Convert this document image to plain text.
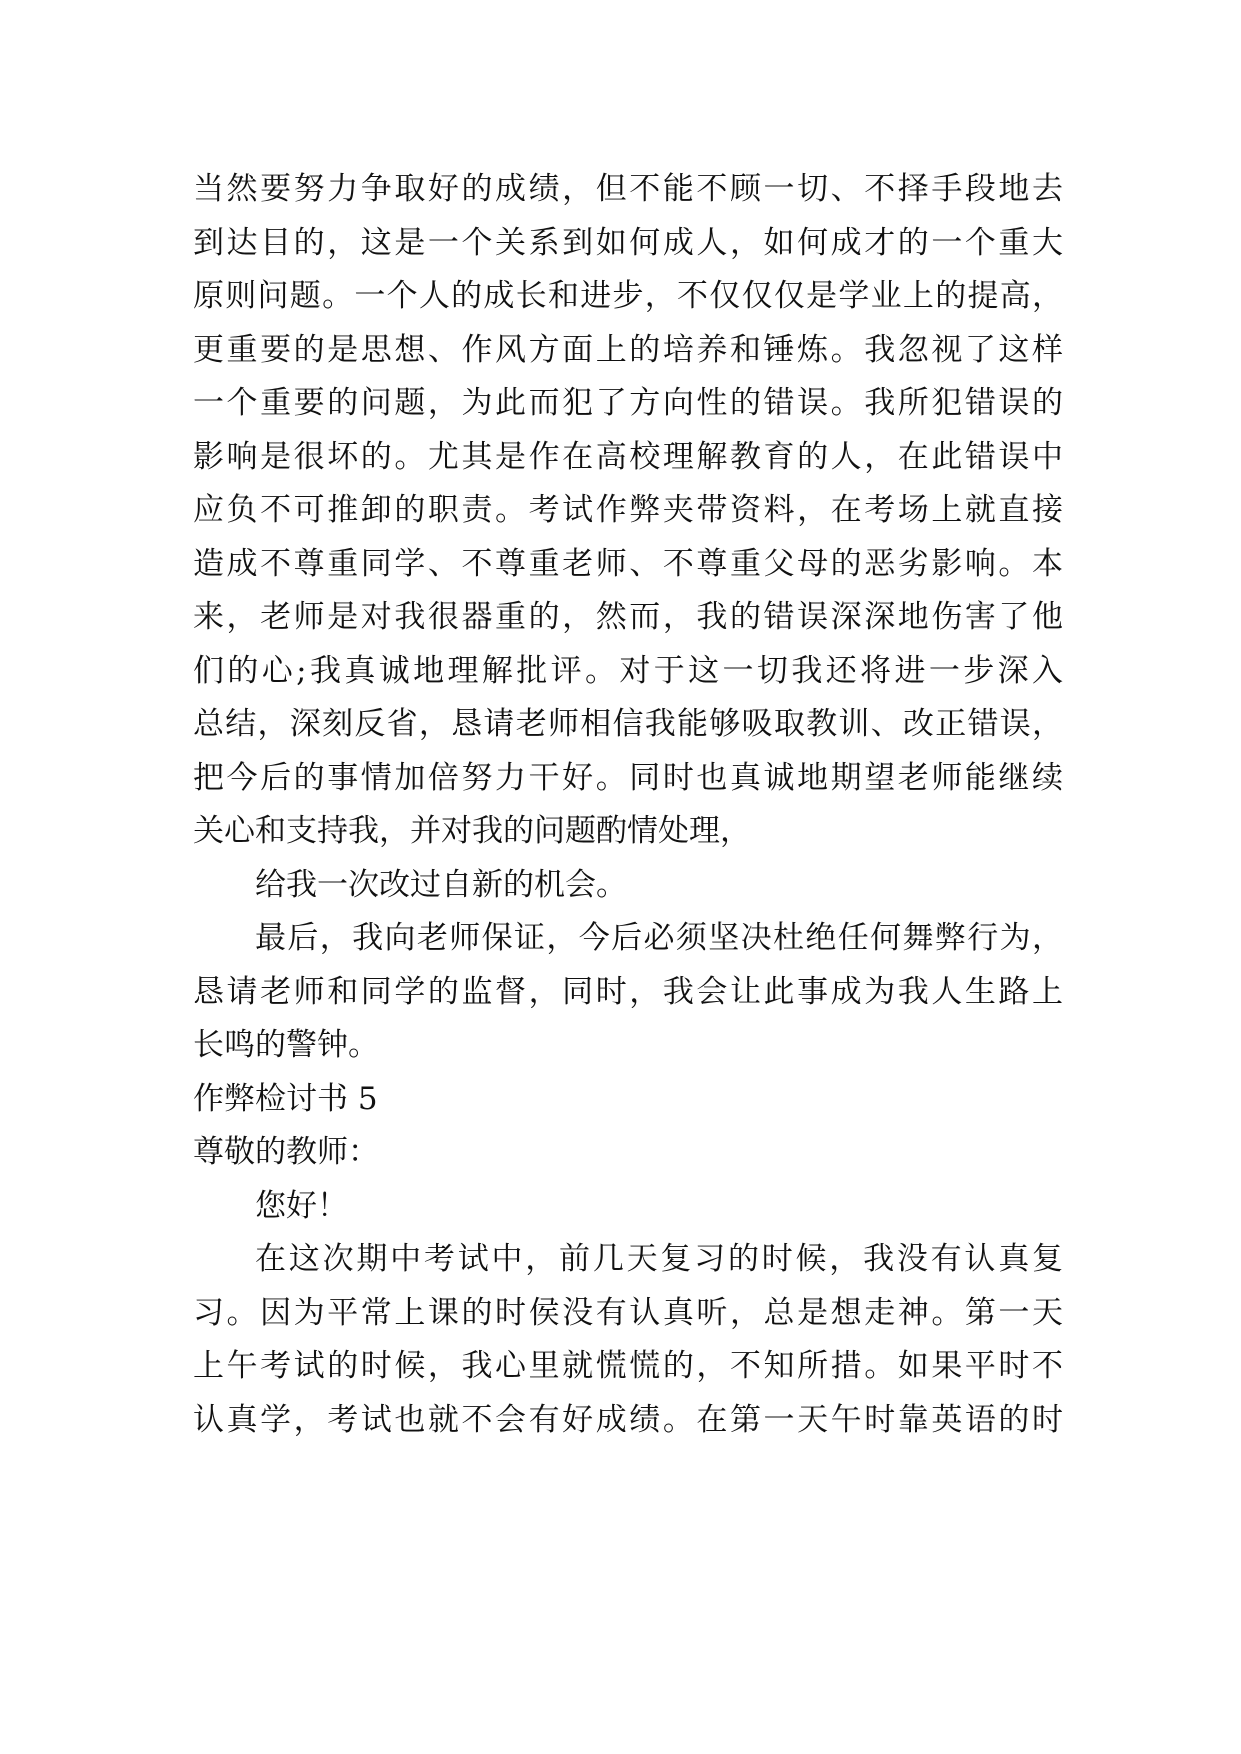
当然要努力争取好的成绩，但不能不顾一切、不择手段地去
到达目的，这是一个关系到如何成人，如何成才的一个重大
原则问题。一个人的成长和进步，不仅仅仅是学业上的提高，
更重要的是思想、作风方面上的培养和锤炼。我忽视了这样
一个重要的问题，为此而犯了方向性的错误。我所犯错误的
影响是很坏的。尤其是作在高校理解教育的人，在此错误中
应负不可推卸的职责。考试作弊夹带资料，在考场上就直接
造成不尊重同学、不尊重老师、不尊重父母的恶劣影响。本
来，老师是对我很器重的，然而，我的错误深深地伤害了他
们的心;我真诚地理解批评。对于这一切我还将进一步深入
总结，深刻反省，恳请老师相信我能够吸取教训、改正错误，
把今后的事情加倍努力干好。同时也真诚地期望老师能继续
关心和支持我，并对我的问题酌情处理，
给我一次改过自新的机会。
最后，我向老师保证，今后必须坚决杜绝任何舞弊行为，
恳请老师和同学的监督，同时，我会让此事成为我人生路上
长鸣的警钟。
作弊检讨书 5
尊敬的教师：
您好！
在这次期中考试中，前几天复习的时候，我没有认真复
习。因为平常上课的时侯没有认真听，总是想走神。第一天
上午考试的时候，我心里就慌慌的，不知所措。如果平时不
认真学，考试也就不会有好成绩。在第一天午时靠英语的时
